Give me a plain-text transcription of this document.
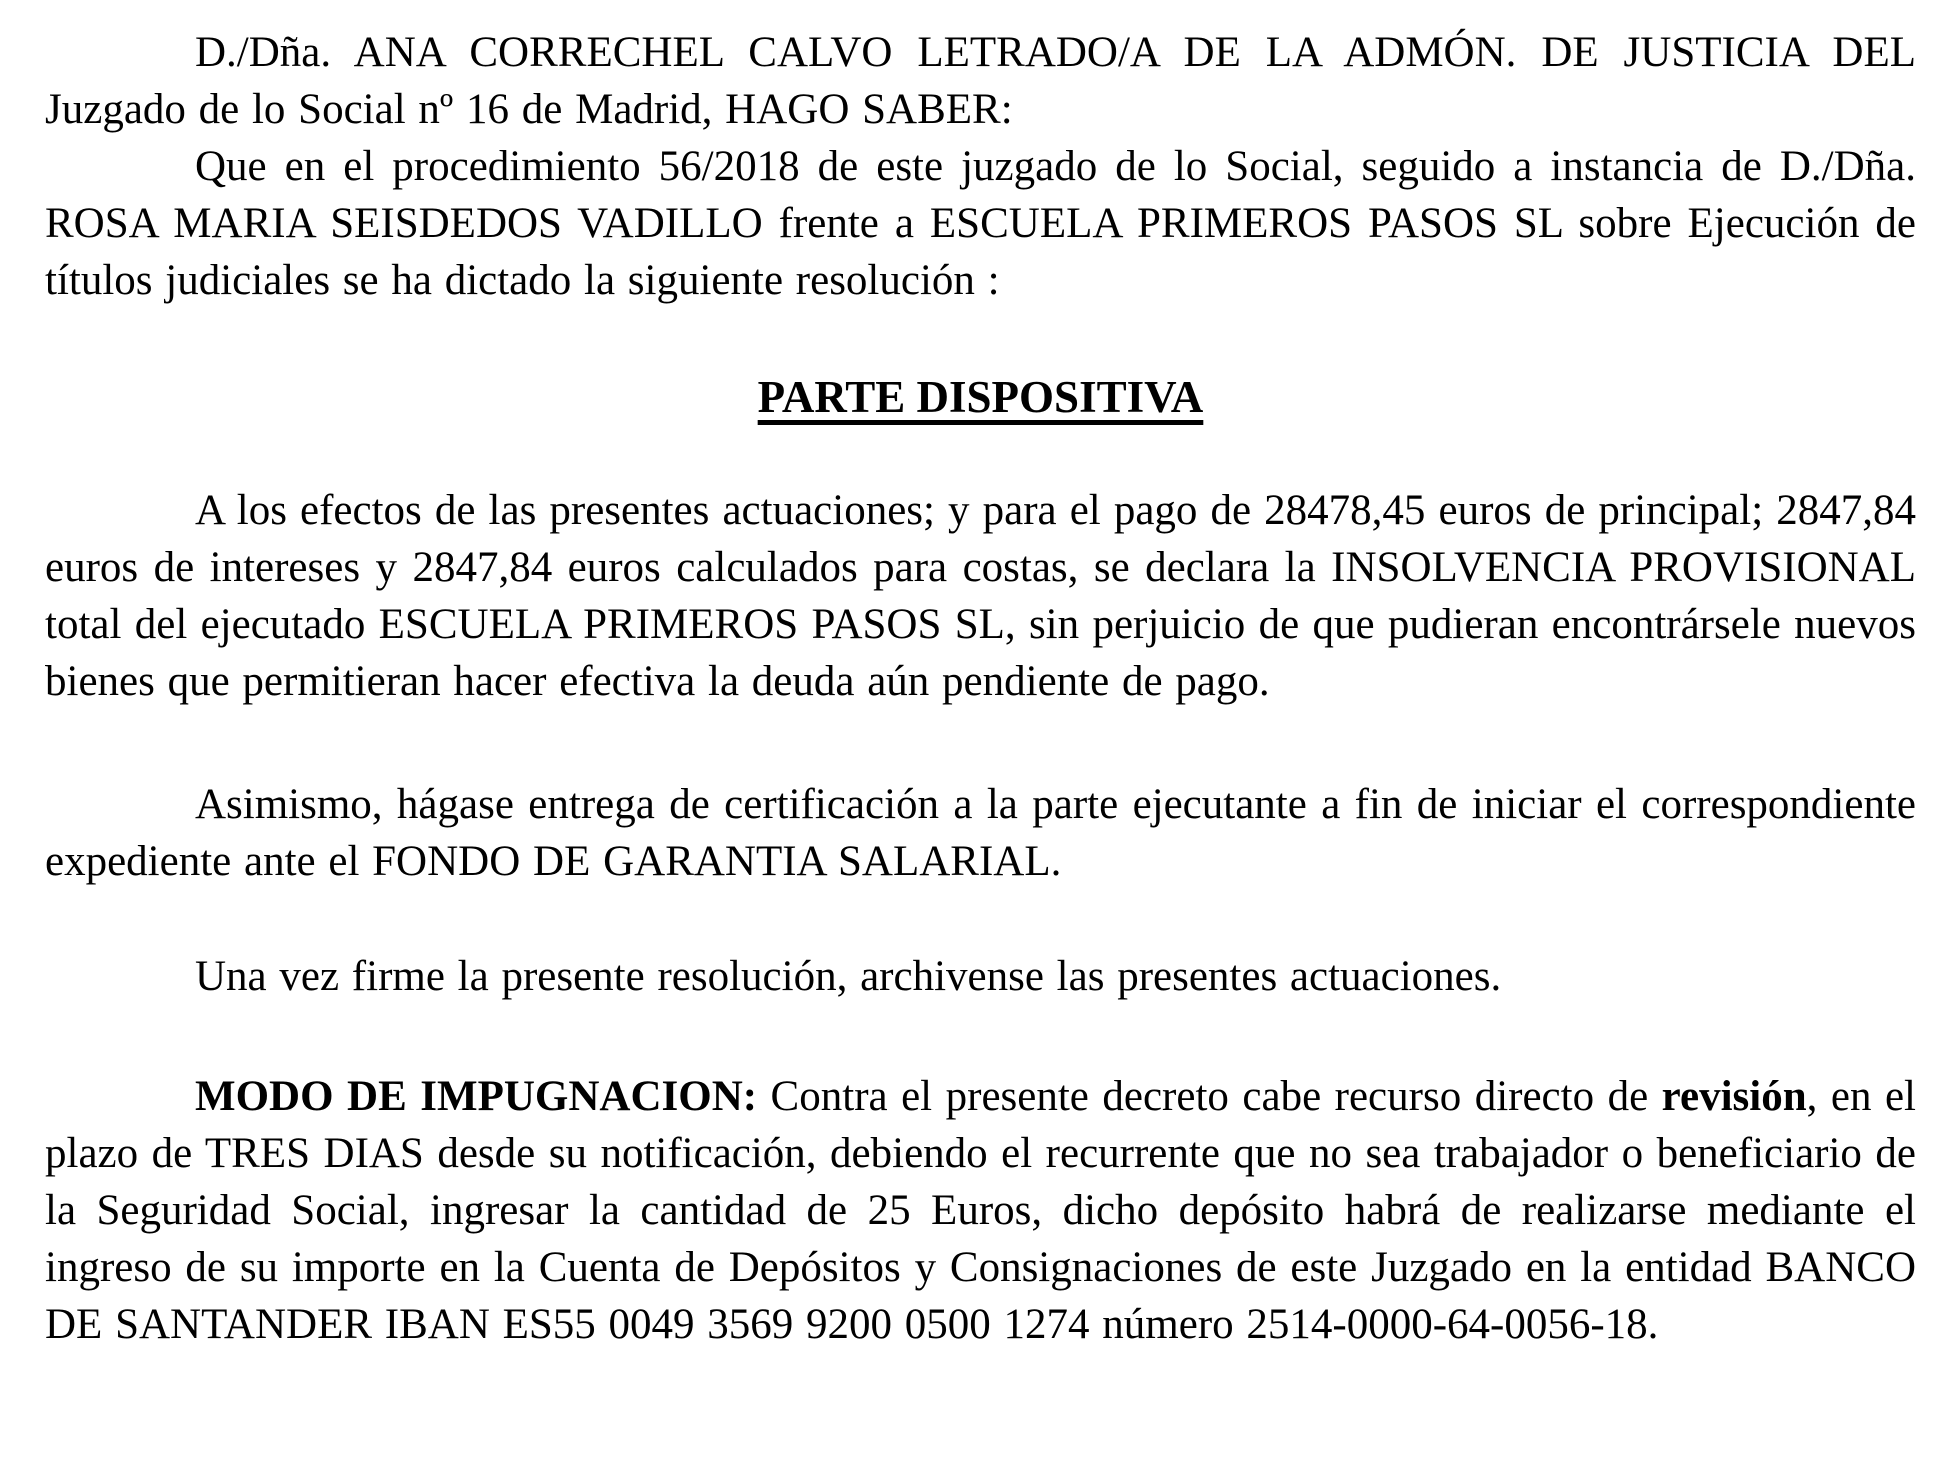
D./Dña. ANA CORRECHEL CALVO LETRADO/A DE LA ADMÓN. DE JUSTICIA DEL Juzgado de lo Social nº 16 de Madrid, HAGO SABER:

Que en el procedimiento 56/2018 de este juzgado de lo Social, seguido a instancia de D./Dña. ROSA MARIA SEISDEDOS VADILLO frente a ESCUELA PRIMEROS PASOS SL sobre Ejecución de títulos judiciales se ha dictado la siguiente resolución :

PARTE DISPOSITIVA

A los efectos de las presentes actuaciones; y para el pago de 28478,45 euros de principal; 2847,84 euros de intereses y 2847,84 euros calculados para costas, se declara la INSOLVENCIA PROVISIONAL total del ejecutado ESCUELA PRIMEROS PASOS SL, sin perjuicio de que pudieran encontrársele nuevos bienes que permitieran hacer efectiva la deuda aún pendiente de pago.

Asimismo, hágase entrega de certificación a la parte ejecutante a fin de iniciar el correspondiente expediente ante el FONDO DE GARANTIA SALARIAL.

Una vez firme la presente resolución, archivense las presentes actuaciones.

MODO DE IMPUGNACION: Contra el presente decreto cabe recurso directo de revisión, en el plazo de TRES DIAS desde su notificación, debiendo el recurrente que no sea trabajador o beneficiario de la Seguridad Social, ingresar la cantidad de 25 Euros, dicho depósito habrá de realizarse mediante el ingreso de su importe en la Cuenta de Depósitos y Consignaciones de este Juzgado en la entidad BANCO DE SANTANDER IBAN ES55 0049 3569 9200 0500 1274 número 2514-0000-64-0056-18.
